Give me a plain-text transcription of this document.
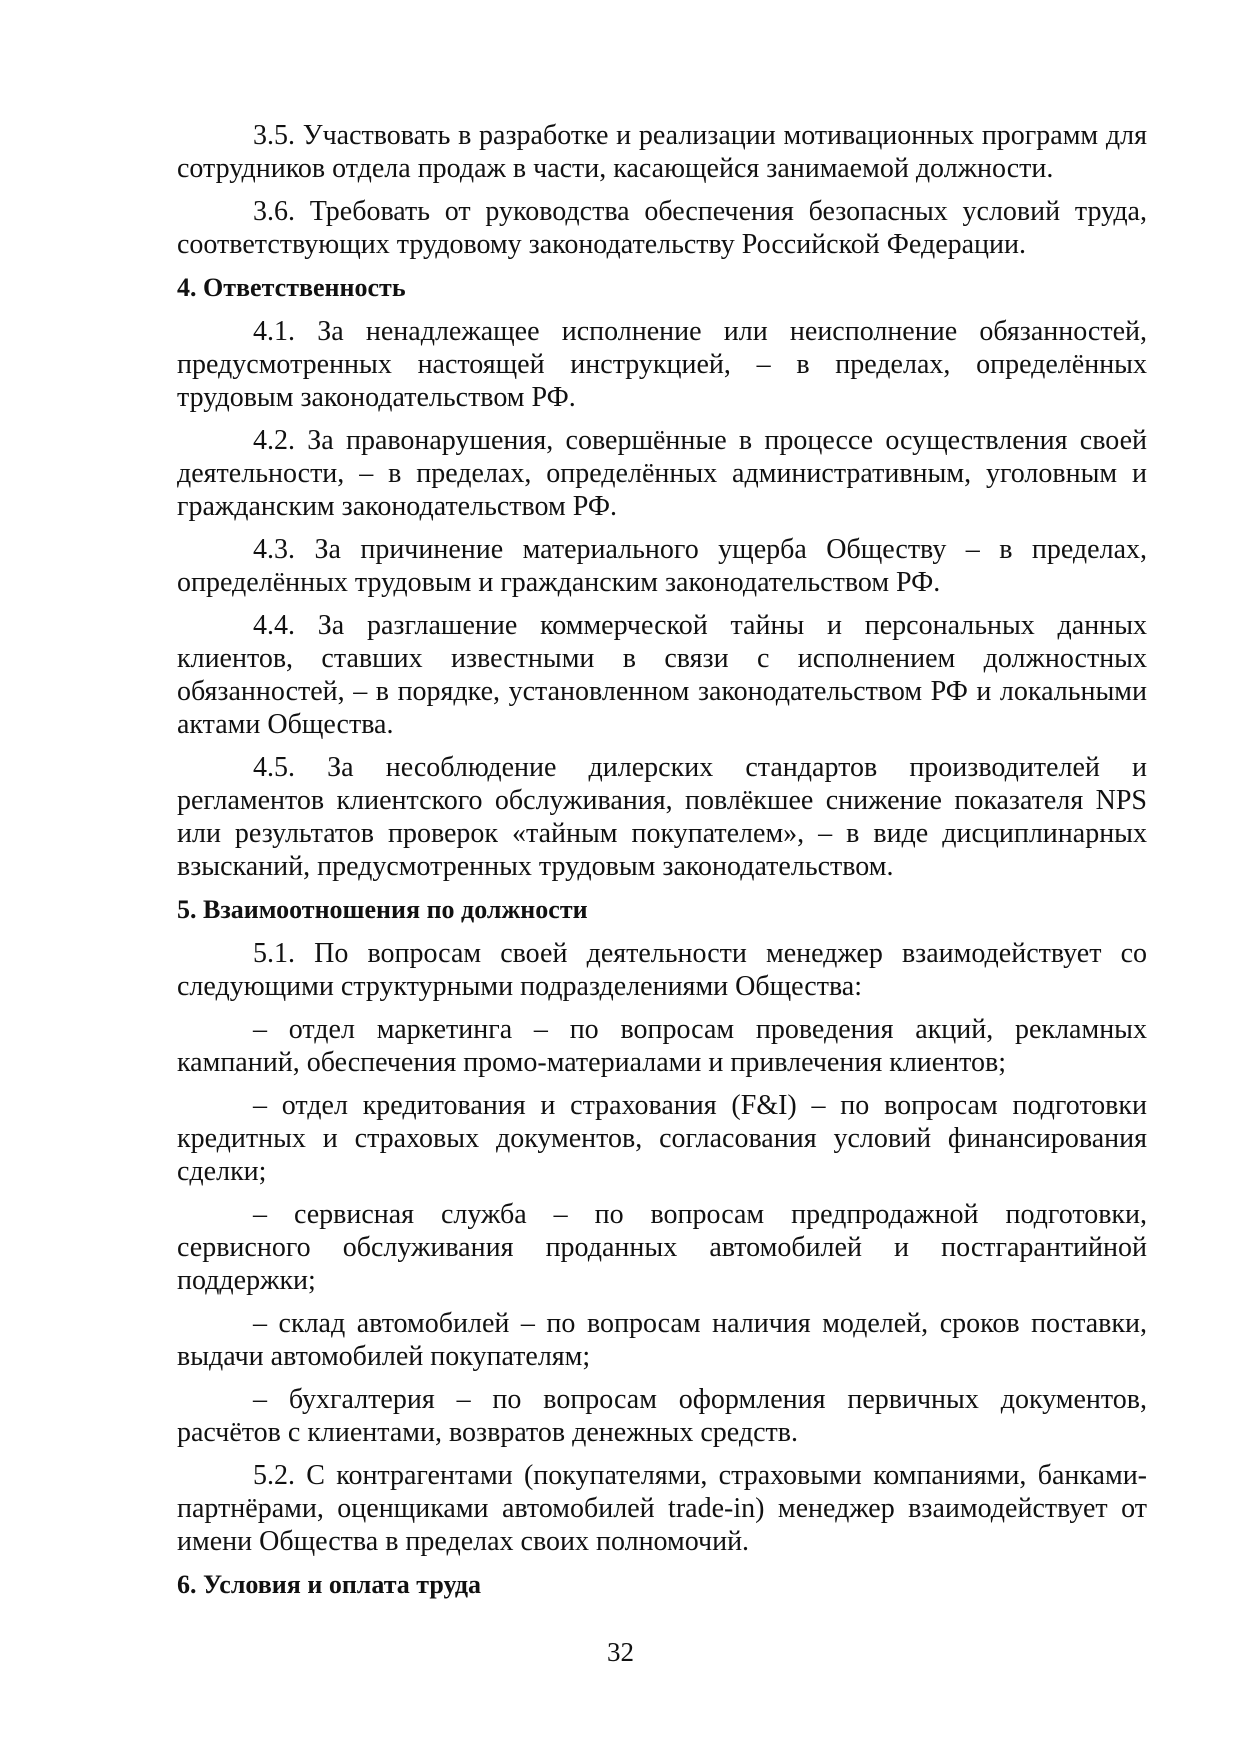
3.5. Участвовать в разработке и реализации мотивационных программ для сотрудников отдела продаж в части, касающейся занимаемой должности.

3.6. Требовать от руководства обеспечения безопасных условий труда, соответствующих трудовому законодательству Российской Федерации.

4. Ответственность

4.1. За ненадлежащее исполнение или неисполнение обязанностей, предусмотренных настоящей инструкцией, – в пределах, определённых трудовым законодательством РФ.

4.2. За правонарушения, совершённые в процессе осуществления своей деятельности, – в пределах, определённых административным, уголовным и гражданским законодательством РФ.

4.3. За причинение материального ущерба Обществу – в пределах, определённых трудовым и гражданским законодательством РФ.

4.4. За разглашение коммерческой тайны и персональных данных клиентов, ставших известными в связи с исполнением должностных обязанностей, – в порядке, установленном законодательством РФ и локальными актами Общества.

4.5. За несоблюдение дилерских стандартов производителей и регламентов клиентского обслуживания, повлёкшее снижение показателя NPS или результатов проверок «тайным покупателем», – в виде дисциплинарных взысканий, предусмотренных трудовым законодательством.

5. Взаимоотношения по должности

5.1. По вопросам своей деятельности менеджер взаимодействует со следующими структурными подразделениями Общества:

– отдел маркетинга – по вопросам проведения акций, рекламных кампаний, обеспечения промо-материалами и привлечения клиентов;

– отдел кредитования и страхования (F&I) – по вопросам подготовки кредитных и страховых документов, согласования условий финансирования сделки;

– сервисная служба – по вопросам предпродажной подготовки, сервисного обслуживания проданных автомобилей и постгарантийной поддержки;

– склад автомобилей – по вопросам наличия моделей, сроков поставки, выдачи автомобилей покупателям;

– бухгалтерия – по вопросам оформления первичных документов, расчётов с клиентами, возвратов денежных средств.

5.2. С контрагентами (покупателями, страховыми компаниями, банками-партнёрами, оценщиками автомобилей trade-in) менеджер взаимодействует от имени Общества в пределах своих полномочий.

6. Условия и оплата труда
32
